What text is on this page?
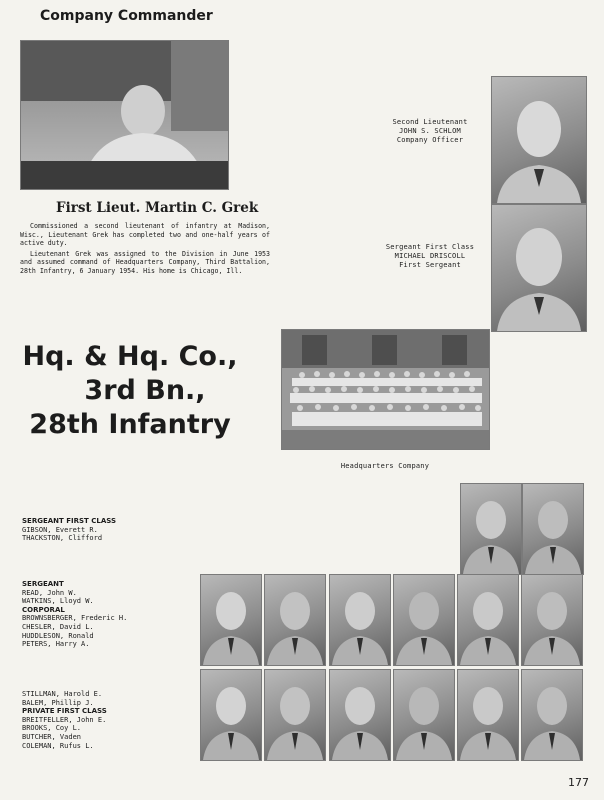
Company Commander
First Lieut. Martin C. Grek

Commissioned a second lieutenant of infantry at Madison, Wisc., Lieutenant Grek has completed two and one-half years of active duty.

Lieutenant Grek was assigned to the Division in June 1953 and assumed command of Headquarters Company, Third Battalion, 28th Infantry, 6 January 1954. His home is Chicago, Ill.

Second Lieutenant
JOHN S. SCHLOM
Company Officer
Sergeant First Class
MICHAEL DRISCOLL
First Sergeant
Hq. & Hq. Co.,
3rd Bn.,
28th Infantry
Headquarters Company
SERGEANT FIRST CLASS
GIBSON, Everett R.
THACKSTON, Clifford
SERGEANT
READ, John W.
WATKINS, Lloyd W.
CORPORAL
BROWNSBERGER, Frederic H.
CHESLER, David L.
HUDDLESON, Ronald
PETERS, Harry A.
STILLMAN, Harold E.
BALEM, Phillip J.
PRIVATE FIRST CLASS
BREITFELLER, John E.
BROOKS, Coy L.
BUTCHER, Vaden
COLEMAN, Rufus L.
177
